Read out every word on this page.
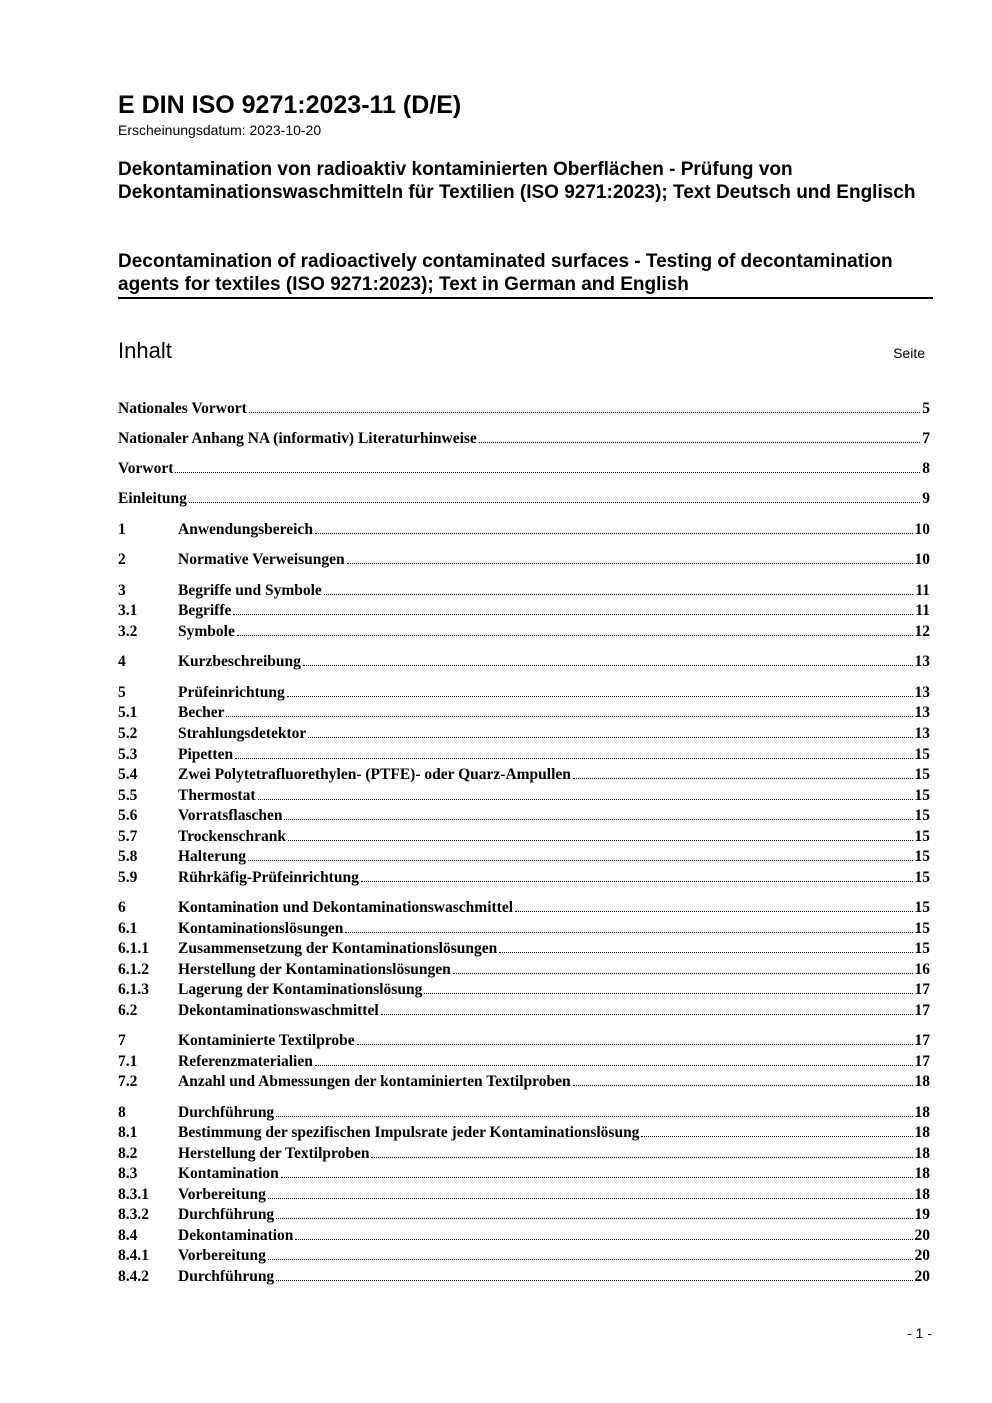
E DIN ISO 9271:2023-11 (D/E)
Erscheinungsdatum: 2023-10-20
Dekontamination von radioaktiv kontaminierten Oberflächen - Prüfung von Dekontaminationswaschmitteln für Textilien (ISO 9271:2023); Text Deutsch und Englisch
Decontamination of radioactively contaminated surfaces - Testing of decontamination agents for textiles (ISO 9271:2023); Text in German and English
Inhalt	Seite
Nationales Vorwort	5
Nationaler Anhang NA (informativ) Literaturhinweise	7
Vorwort	8
Einleitung	9
1	Anwendungsbereich	10
2	Normative Verweisungen	10
3	Begriffe und Symbole	11
3.1	Begriffe	11
3.2	Symbole	12
4	Kurzbeschreibung	13
5	Prüfeinrichtung	13
5.1	Becher	13
5.2	Strahlungsdetektor	13
5.3	Pipetten	15
5.4	Zwei Polytetrafluorethylen- (PTFE)- oder Quarz-Ampullen	15
5.5	Thermostat	15
5.6	Vorratsflaschen	15
5.7	Trockenschrank	15
5.8	Halterung	15
5.9	Rührkäfig-Prüfeinrichtung	15
6	Kontamination und Dekontaminationswaschmittel	15
6.1	Kontaminationslösungen	15
6.1.1	Zusammensetzung der Kontaminationslösungen	15
6.1.2	Herstellung der Kontaminationslösungen	16
6.1.3	Lagerung der Kontaminationslösung	17
6.2	Dekontaminationswaschmittel	17
7	Kontaminierte Textilprobe	17
7.1	Referenzmaterialien	17
7.2	Anzahl und Abmessungen der kontaminierten Textilproben	18
8	Durchführung	18
8.1	Bestimmung der spezifischen Impulsrate jeder Kontaminationslösung	18
8.2	Herstellung der Textilproben	18
8.3	Kontamination	18
8.3.1	Vorbereitung	18
8.3.2	Durchführung	19
8.4	Dekontamination	20
8.4.1	Vorbereitung	20
8.4.2	Durchführung	20
- 1 -
